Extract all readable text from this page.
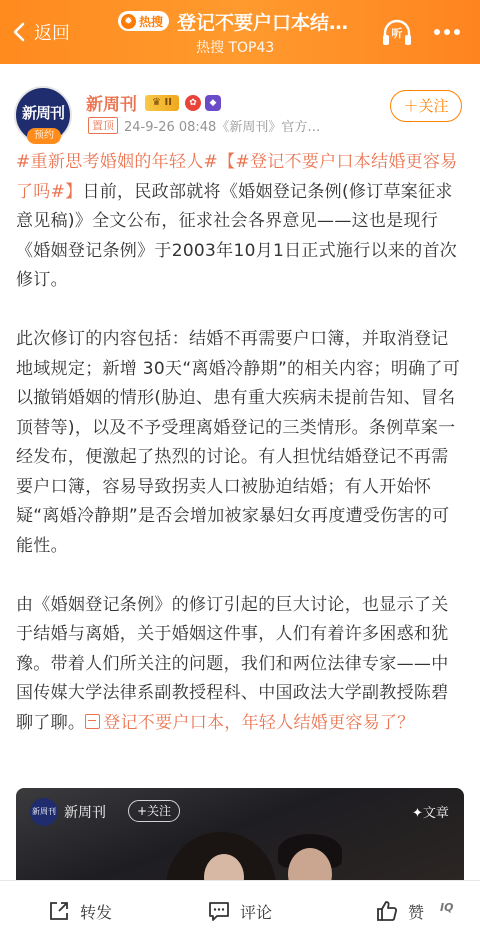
返回
✹ 热搜 登记不要户口本结…
热搜 TOP43
听
新周刊
预约
新周刊	♛ II	✿	◆
置顶 24-9-26 08:48《新周刊》官方…
＋关注

#重新思考婚姻的年轻人#【#登记不要户口本结婚更容易了吗#】日前，民政部就将《婚姻登记条例(修订草案征求意见稿)》全文公布，征求社会各界意见——这也是现行《婚姻登记条例》于2003年10月1日正式施行以来的首次修订。

此次修订的内容包括：结婚不再需要户口簿，并取消登记地域规定；新增 30天“离婚冷静期”的相关内容；明确了可以撤销婚姻的情形(胁迫、患有重大疾病未提前告知、冒名顶替等)，以及不予受理离婚登记的三类情形。条例草案一经发布，便激起了热烈的讨论。有人担忧结婚登记不再需要户口簿，容易导致拐卖人口被胁迫结婚；有人开始怀疑“离婚冷静期”是否会增加被家暴妇女再度遭受伤害的可能性。

由《婚姻登记条例》的修订引起的巨大讨论，也显示了关于结婚与离婚，关于婚姻这件事，人们有着许多困惑和犹豫。带着人们所关注的问题，我们和两位法律专家——中国传媒大学法律系副教授程科、中国政法大学副教授陈碧聊了聊。 登记不要户口本，年轻人结婚更容易了？

新周刊 新周刊	+关注	✦文章
转发	评论	赞 IQ
